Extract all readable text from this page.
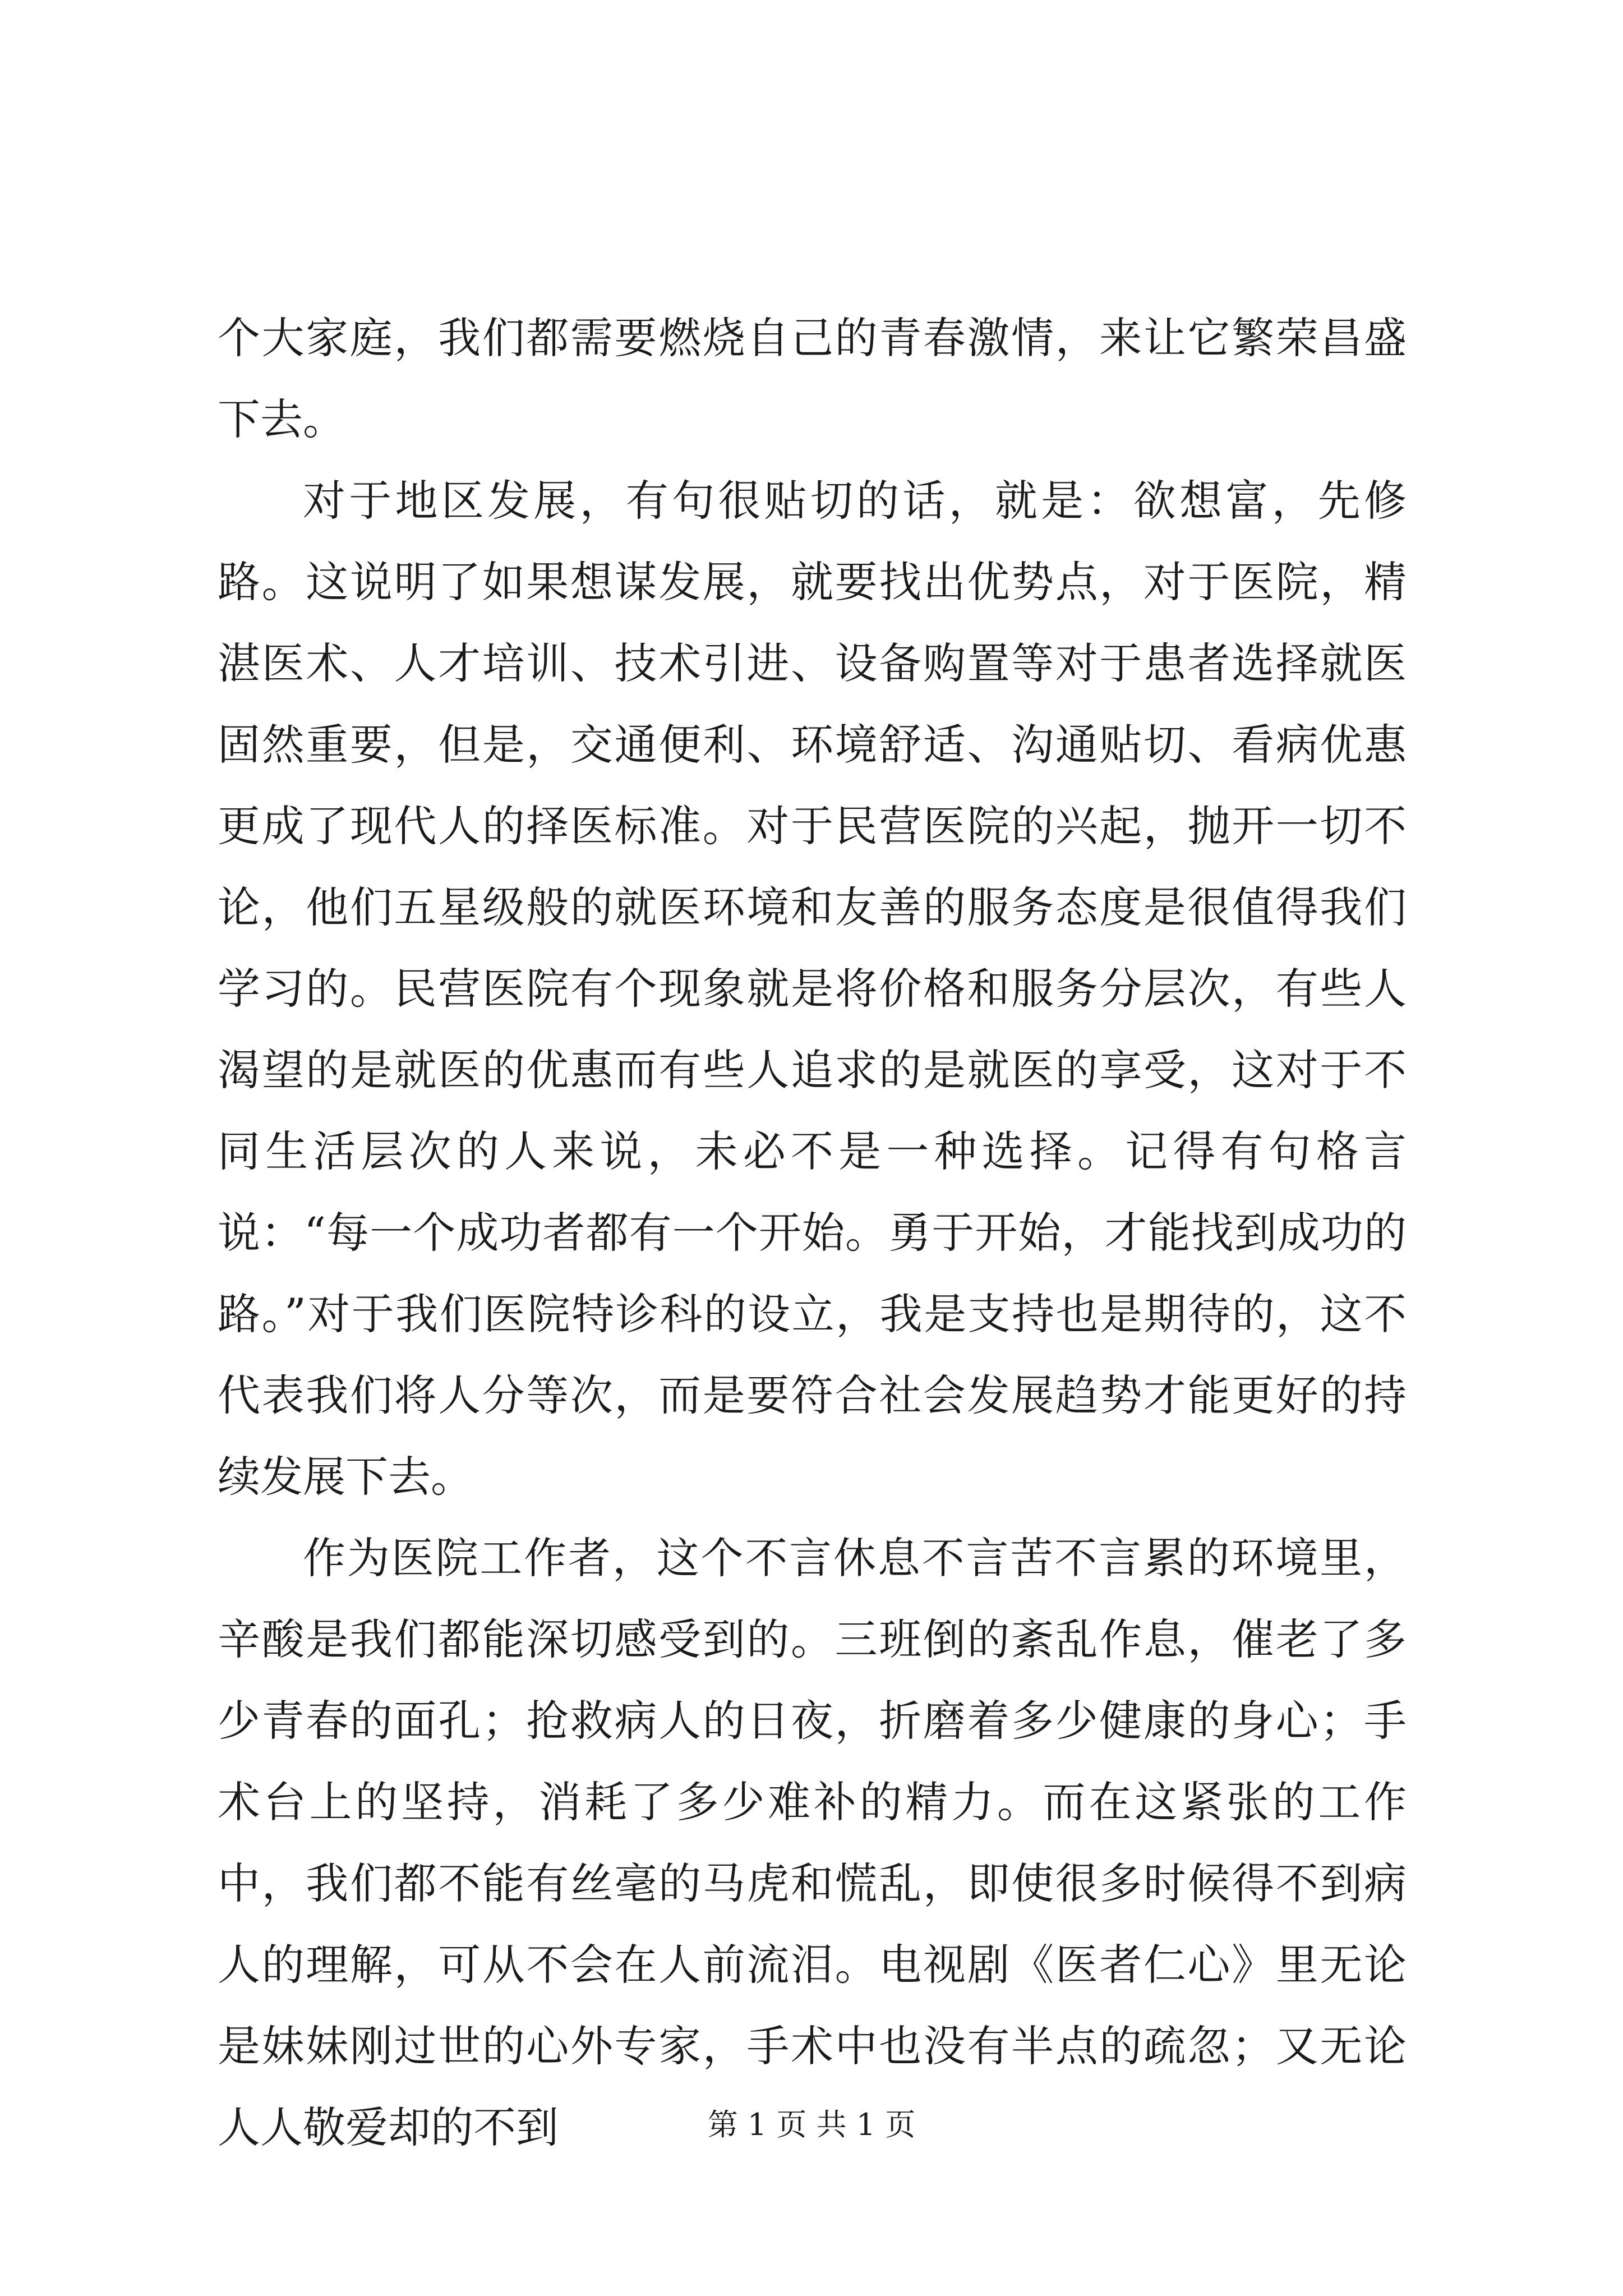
个大家庭，我们都需要燃烧自己的青春激情，来让它繁荣昌盛下去。

对于地区发展，有句很贴切的话，就是：欲想富，先修路。这说明了如果想谋发展，就要找出优势点，对于医院，精湛医术、人才培训、技术引进、设备购置等对于患者选择就医固然重要，但是，交通便利、环境舒适、沟通贴切、看病优惠更成了现代人的择医标准。对于民营医院的兴起，抛开一切不论，他们五星级般的就医环境和友善的服务态度是很值得我们学习的。民营医院有个现象就是将价格和服务分层次，有些人渴望的是就医的优惠而有些人追求的是就医的享受，这对于不同生活层次的人来说，未必不是一种选择。记得有句格言说：“每一个成功者都有一个开始。勇于开始，才能找到成功的路。”对于我们医院特诊科的设立，我是支持也是期待的，这不代表我们将人分等次，而是要符合社会发展趋势才能更好的持续发展下去。

作为医院工作者，这个不言休息不言苦不言累的环境里，辛酸是我们都能深切感受到的。三班倒的紊乱作息，催老了多少青春的面孔；抢救病人的日夜，折磨着多少健康的身心；手术台上的坚持，消耗了多少难补的精力。而在这紧张的工作中，我们都不能有丝毫的马虎和慌乱，即使很多时候得不到病人的理解，可从不会在人前流泪。电视剧《医者仁心》里无论是妹妹刚过世的心外专家，手术中也没有半点的疏忽；又无论人人敬爱却的不到	第 1 页 共 1 页
